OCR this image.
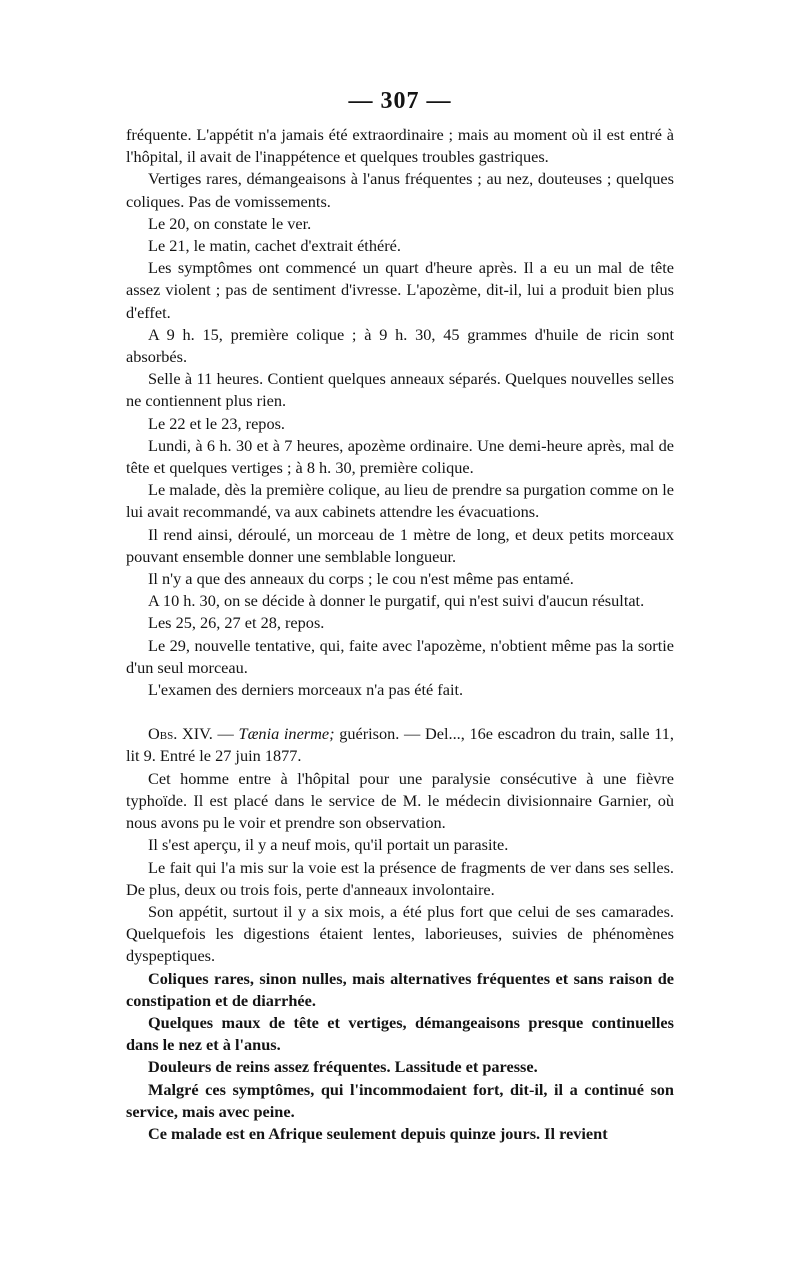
— 307 —

fréquente. L'appétit n'a jamais été extraordinaire ; mais au moment où il est entré à l'hôpital, il avait de l'inappétence et quelques troubles gastriques.

Vertiges rares, démangeaisons à l'anus fréquentes ; au nez, douteuses ; quelques coliques. Pas de vomissements.

Le 20, on constate le ver.

Le 21, le matin, cachet d'extrait éthéré.

Les symptômes ont commencé un quart d'heure après. Il a eu un mal de tête assez violent ; pas de sentiment d'ivresse. L'apozème, dit-il, lui a produit bien plus d'effet.

A 9 h. 15, première colique ; à 9 h. 30, 45 grammes d'huile de ricin sont absorbés.

Selle à 11 heures. Contient quelques anneaux séparés. Quelques nouvelles selles ne contiennent plus rien.

Le 22 et le 23, repos.

Lundi, à 6 h. 30 et à 7 heures, apozème ordinaire. Une demi-heure après, mal de tête et quelques vertiges ; à 8 h. 30, première colique.

Le malade, dès la première colique, au lieu de prendre sa purgation comme on le lui avait recommandé, va aux cabinets attendre les évacuations.

Il rend ainsi, déroulé, un morceau de 1 mètre de long, et deux petits morceaux pouvant ensemble donner une semblable longueur.

Il n'y a que des anneaux du corps ; le cou n'est même pas entamé.

A 10 h. 30, on se décide à donner le purgatif, qui n'est suivi d'aucun résultat.

Les 25, 26, 27 et 28, repos.

Le 29, nouvelle tentative, qui, faite avec l'apozème, n'obtient même pas la sortie d'un seul morceau.

L'examen des derniers morceaux n'a pas été fait.

Obs. XIV. — Tænia inerme; guérison. — Del..., 16e escadron du train, salle 11, lit 9. Entré le 27 juin 1877.

Cet homme entre à l'hôpital pour une paralysie consécutive à une fièvre typhoïde. Il est placé dans le service de M. le médecin divisionnaire Garnier, où nous avons pu le voir et prendre son observation.

Il s'est aperçu, il y a neuf mois, qu'il portait un parasite.

Le fait qui l'a mis sur la voie est la présence de fragments de ver dans ses selles. De plus, deux ou trois fois, perte d'anneaux involontaire.

Son appétit, surtout il y a six mois, a été plus fort que celui de ses camarades. Quelquefois les digestions étaient lentes, laborieuses, suivies de phénomènes dyspeptiques.

Coliques rares, sinon nulles, mais alternatives fréquentes et sans raison de constipation et de diarrhée.

Quelques maux de tête et vertiges, démangeaisons presque continuelles dans le nez et à l'anus.

Douleurs de reins assez fréquentes. Lassitude et paresse.

Malgré ces symptômes, qui l'incommodaient fort, dit-il, il a continué son service, mais avec peine.

Ce malade est en Afrique seulement depuis quinze jours. Il revient
